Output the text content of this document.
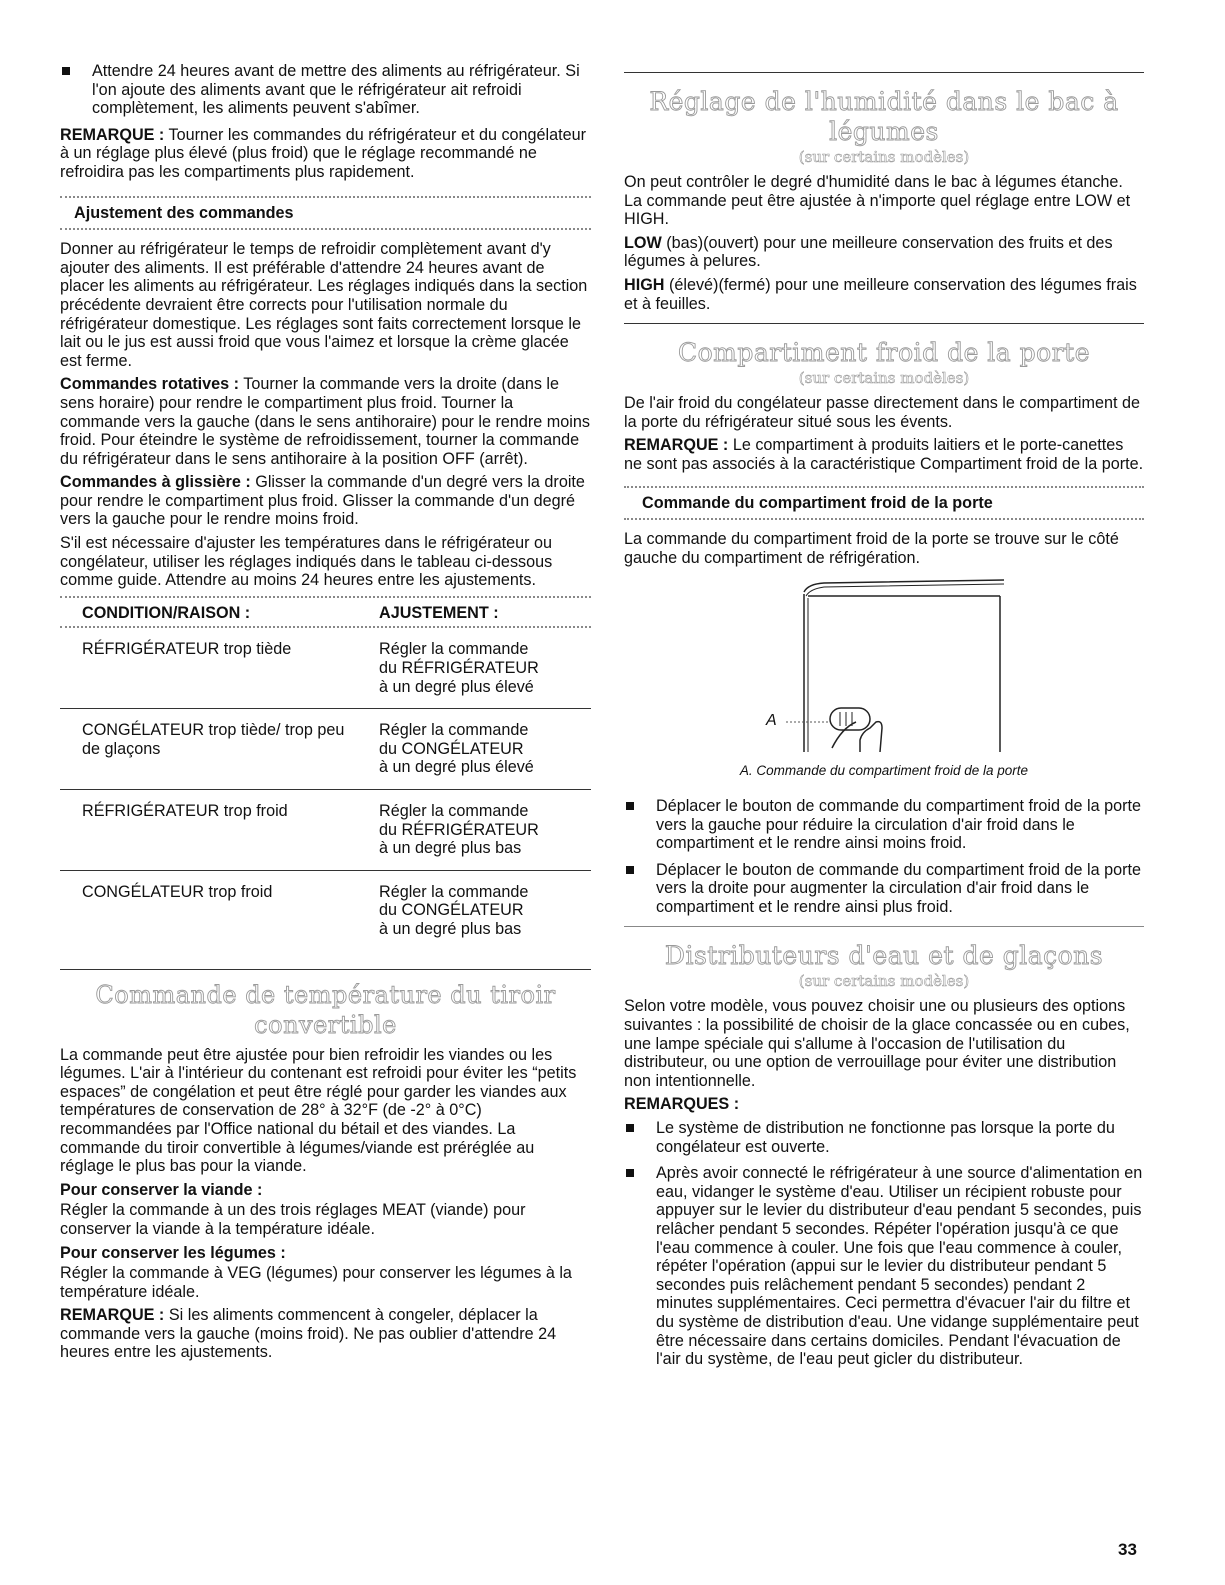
Attendre 24 heures avant de mettre des aliments au réfrigérateur. Si l'on ajoute des aliments avant que le réfrigérateur ait refroidi complètement, les aliments peuvent s'abîmer.

REMARQUE : Tourner les commandes du réfrigérateur et du congélateur à un réglage plus élevé (plus froid) que le réglage recommandé ne refroidira pas les compartiments plus rapidement.

Ajustement des commandes

Donner au réfrigérateur le temps de refroidir complètement avant d'y ajouter des aliments. Il est préférable d'attendre 24 heures avant de placer les aliments au réfrigérateur. Les réglages indiqués dans la section précédente devraient être corrects pour l'utilisation normale du réfrigérateur domestique. Les réglages sont faits correctement lorsque le lait ou le jus est aussi froid que vous l'aimez et lorsque la crème glacée est ferme.

Commandes rotatives : Tourner la commande vers la droite (dans le sens horaire) pour rendre le compartiment plus froid. Tourner la commande vers la gauche (dans le sens antihoraire) pour le rendre moins froid. Pour éteindre le système de refroidissement, tourner la commande du réfrigérateur dans le sens antihoraire à la position OFF (arrêt).

Commandes à glissière : Glisser la commande d'un degré vers la droite pour rendre le compartiment plus froid. Glisser la commande d'un degré vers la gauche pour le rendre moins froid.

S'il est nécessaire d'ajuster les températures dans le réfrigérateur ou congélateur, utiliser les réglages indiqués dans le tableau ci-dessous comme guide. Attendre au moins 24 heures entre les ajustements.

CONDITION/RAISON :	AJUSTEMENT :

RÉFRIGÉRATEUR trop tiède	Régler la commande
du RÉFRIGÉRATEUR
à un degré plus élevé

CONGÉLATEUR trop tiède/ trop peu de glaçons	Régler la commande
du CONGÉLATEUR
à un degré plus élevé

RÉFRIGÉRATEUR trop froid	Régler la commande
du RÉFRIGÉRATEUR
à un degré plus bas

CONGÉLATEUR trop froid	Régler la commande
du CONGÉLATEUR
à un degré plus bas
Commande de température du tiroir convertible

La commande peut être ajustée pour bien refroidir les viandes ou les légumes. L'air à l'intérieur du contenant est refroidi pour éviter les “petits espaces” de congélation et peut être réglé pour garder les viandes aux températures de conservation de 28° à 32°F (de -2° à 0°C) recommandées par l'Office national du bétail et des viandes. La commande du tiroir convertible à légumes/viande est préréglée au réglage le plus bas pour la viande.

Pour conserver la viande :

Régler la commande à un des trois réglages MEAT (viande) pour conserver la viande à la température idéale.

Pour conserver les légumes :

Régler la commande à VEG (légumes) pour conserver les légumes à la température idéale.

REMARQUE : Si les aliments commencent à congeler, déplacer la commande vers la gauche (moins froid). Ne pas oublier d'attendre 24 heures entre les ajustements.

Réglage de l'humidité dans le bac à légumes
(sur certains modèles)

On peut contrôler le degré d'humidité dans le bac à légumes étanche. La commande peut être ajustée à n'importe quel réglage entre LOW et HIGH.

LOW (bas)(ouvert) pour une meilleure conservation des fruits et des légumes à pelures.

HIGH (élevé)(fermé) pour une meilleure conservation des légumes frais et à feuilles.

Compartiment froid de la porte
(sur certains modèles)

De l'air froid du congélateur passe directement dans le compartiment de la porte du réfrigérateur situé sous les évents.

REMARQUE : Le compartiment à produits laitiers et le porte-canettes ne sont pas associés à la caractéristique Compartiment froid de la porte.

Commande du compartiment froid de la porte

La commande du compartiment froid de la porte se trouve sur le côté gauche du compartiment de réfrigération.

A
A. Commande du compartiment froid de la porte

Déplacer le bouton de commande du compartiment froid de la porte vers la gauche pour réduire la circulation d'air froid dans le compartiment et le rendre ainsi moins froid.

Déplacer le bouton de commande du compartiment froid de la porte vers la droite pour augmenter la circulation d'air froid dans le compartiment et le rendre ainsi plus froid.

Distributeurs d'eau et de glaçons
(sur certains modèles)

Selon votre modèle, vous pouvez choisir une ou plusieurs des options suivantes : la possibilité de choisir de la glace concassée ou en cubes, une lampe spéciale qui s'allume à l'occasion de l'utilisation du distributeur, ou une option de verrouillage pour éviter une distribution non intentionnelle.

REMARQUES :

Le système de distribution ne fonctionne pas lorsque la porte du congélateur est ouverte.

Après avoir connecté le réfrigérateur à une source d'alimentation en eau, vidanger le système d'eau. Utiliser un récipient robuste pour appuyer sur le levier du distributeur d'eau pendant 5 secondes, puis relâcher pendant 5 secondes. Répéter l'opération jusqu'à ce que l'eau commence à couler. Une fois que l'eau commence à couler, répéter l'opération (appui sur le levier du distributeur pendant 5 secondes puis relâchement pendant 5 secondes) pendant 2 minutes supplémentaires. Ceci permettra d'évacuer l'air du filtre et du système de distribution d'eau. Une vidange supplémentaire peut être nécessaire dans certains domiciles. Pendant l'évacuation de l'air du système, de l'eau peut gicler du distributeur.

33
